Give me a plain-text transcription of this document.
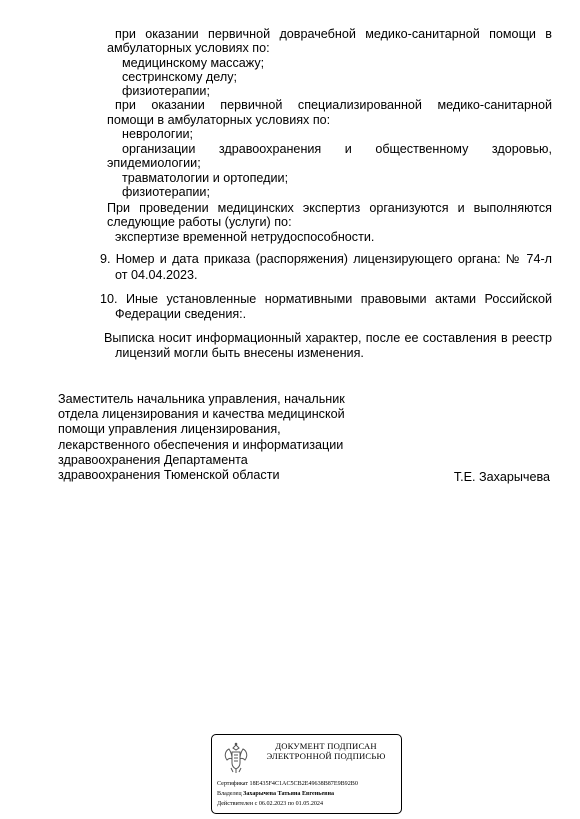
при оказании первичной доврачебной медико-санитарной помощи в
амбулаторных условиях по:
медицинскому массажу;
сестринскому делу;
физиотерапии;
при оказании первичной специализированной медико-санитарной
помощи в амбулаторных условиях по:
неврологии;
организации здравоохранения и общественному здоровью,
эпидемиологии;
травматологии и ортопедии;
физиотерапии;
При проведении медицинских экспертиз организуются и выполняются
следующие работы (услуги) по:
экспертизе временной нетрудоспособности.
9. Номер и дата приказа (распоряжения) лицензирующего органа: № 74-л
от 04.04.2023.
10. Иные установленные нормативными правовыми актами Российской
Федерации сведения:.
Выписка носит информационный характер, после ее составления в реестр
лицензий могли быть внесены изменения.
Заместитель начальника управления, начальник
отдела лицензирования и качества медицинской
помощи управления лицензирования,
лекарственного обеспечения и информатизации
здравоохранения Департамента
здравоохранения Тюменской области	Т.Е. Захарычева
ДОКУМЕНТ ПОДПИСАН
ЭЛЕКТРОННОЙ ПОДПИСЬЮ
Сертификат 18E435F4C1AC5CB2E49638B87E9B92B0
Владелец Захарычева Татьяна Евгеньевна
Действителен с 06.02.2023 по 01.05.2024
